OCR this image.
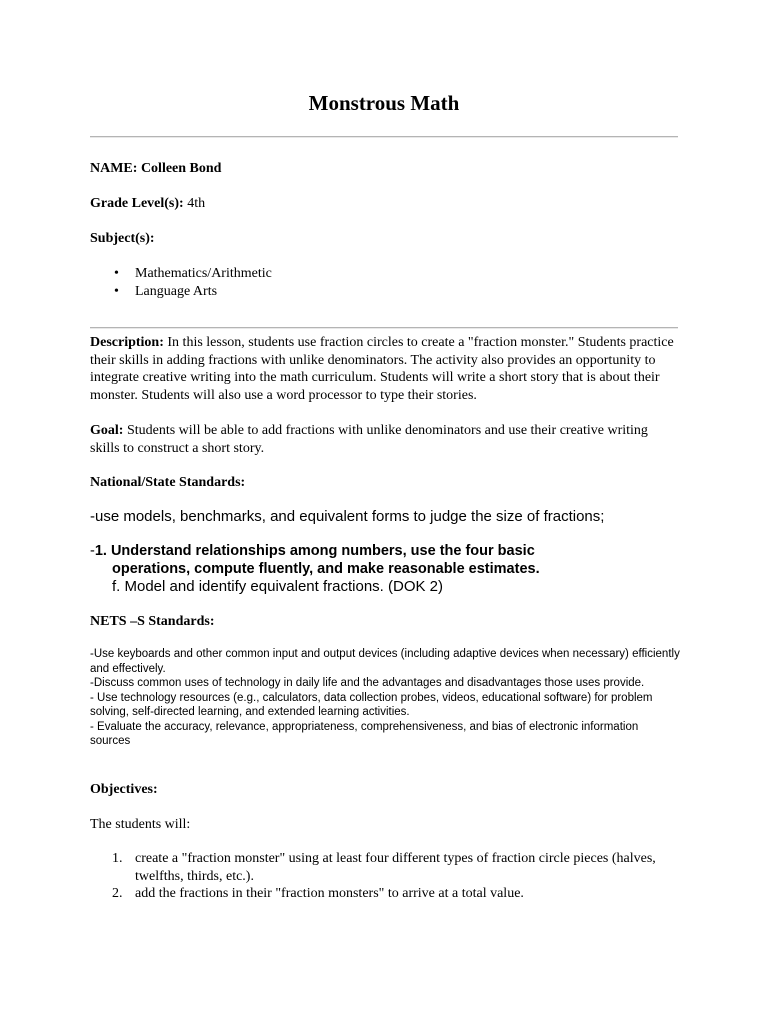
Monstrous Math
NAME: Colleen Bond
Grade Level(s): 4th
Subject(s):
• Mathematics/Arithmetic
• Language Arts
Description: In this lesson, students use fraction circles to create a "fraction monster." Students practice their skills in adding fractions with unlike denominators. The activity also provides an opportunity to integrate creative writing into the math curriculum. Students will write a short story that is about their monster. Students will also use a word processor to type their stories.
Goal: Students will be able to add fractions with unlike denominators and use their creative writing skills to construct a short story.
National/State Standards:
-use models, benchmarks, and equivalent forms to judge the size of fractions;
-1. Understand relationships among numbers, use the four basic
operations, compute fluently, and make reasonable estimates.
f. Model and identify equivalent fractions. (DOK 2)
NETS –S Standards:
-Use keyboards and other common input and output devices (including adaptive devices when necessary) efficiently and effectively.
-Discuss common uses of technology in daily life and the advantages and disadvantages those uses provide.
- Use technology resources (e.g., calculators, data collection probes, videos, educational software) for problem solving, self-directed learning, and extended learning activities.
- Evaluate the accuracy, relevance, appropriateness, comprehensiveness, and bias of electronic information sources
Objectives:
The students will:
1. create a "fraction monster" using at least four different types of fraction circle pieces (halves, twelfths, thirds, etc.).
2. add the fractions in their "fraction monsters" to arrive at a total value.
